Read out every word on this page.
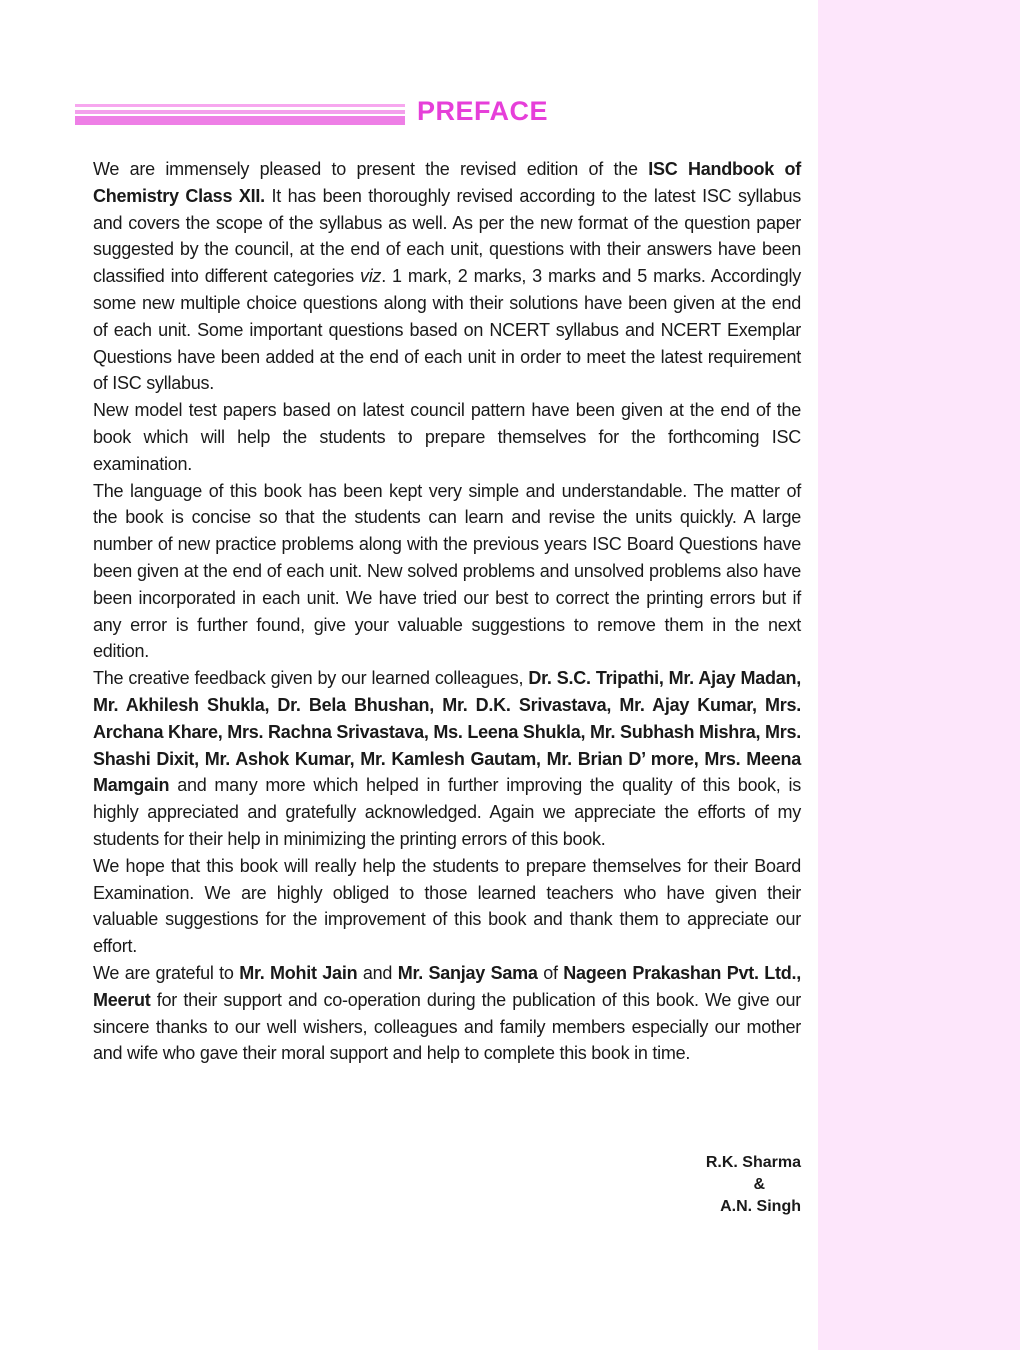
PREFACE

We are immensely pleased to present the revised edition of the ISC Handbook of Chemistry Class XII. It has been thoroughly revised according to the latest ISC syllabus and covers the scope of the syllabus as well. As per the new format of the question paper suggested by the council, at the end of each unit, questions with their answers have been classified into different categories viz. 1 mark, 2 marks, 3 marks and 5 marks. Accordingly some new multiple choice questions along with their solutions have been given at the end of each unit. Some important questions based on NCERT syllabus and NCERT Exemplar Questions have been added at the end of each unit in order to meet the latest requirement of ISC syllabus.

New model test papers based on latest council pattern have been given at the end of the book which will help the students to prepare themselves for the forthcoming ISC examination.

The language of this book has been kept very simple and understandable. The matter of the book is concise so that the students can learn and revise the units quickly. A large number of new practice problems along with the previous years ISC Board Questions have been given at the end of each unit. New solved problems and unsolved problems also have been incorporated in each unit. We have tried our best to correct the printing errors but if any error is further found, give your valuable suggestions to remove them in the next edition.

The creative feedback given by our learned colleagues, Dr. S.C. Tripathi, Mr. Ajay Madan, Mr. Akhilesh Shukla, Dr. Bela Bhushan, Mr. D.K. Srivastava, Mr. Ajay Kumar, Mrs. Archana Khare, Mrs. Rachna Srivastava, Ms. Leena Shukla, Mr. Subhash Mishra, Mrs. Shashi Dixit, Mr. Ashok Kumar, Mr. Kamlesh Gautam, Mr. Brian D’ more, Mrs. Meena Mamgain and many more which helped in further improving the quality of this book, is highly appreciated and gratefully acknowledged. Again we appreciate the efforts of my students for their help in minimizing the printing errors of this book.

We hope that this book will really help the students to prepare themselves for their Board Examination. We are highly obliged to those learned teachers who have given their valuable suggestions for the improvement of this book and thank them to appreciate our effort.

We are grateful to Mr. Mohit Jain and Mr. Sanjay Sama of Nageen Prakashan Pvt. Ltd., Meerut for their support and co-operation during the publication of this book. We give our sincere thanks to our well wishers, colleagues and family members especially our mother and wife who gave their moral support and help to complete this book in time.

R.K. Sharma
&
A.N. Singh
